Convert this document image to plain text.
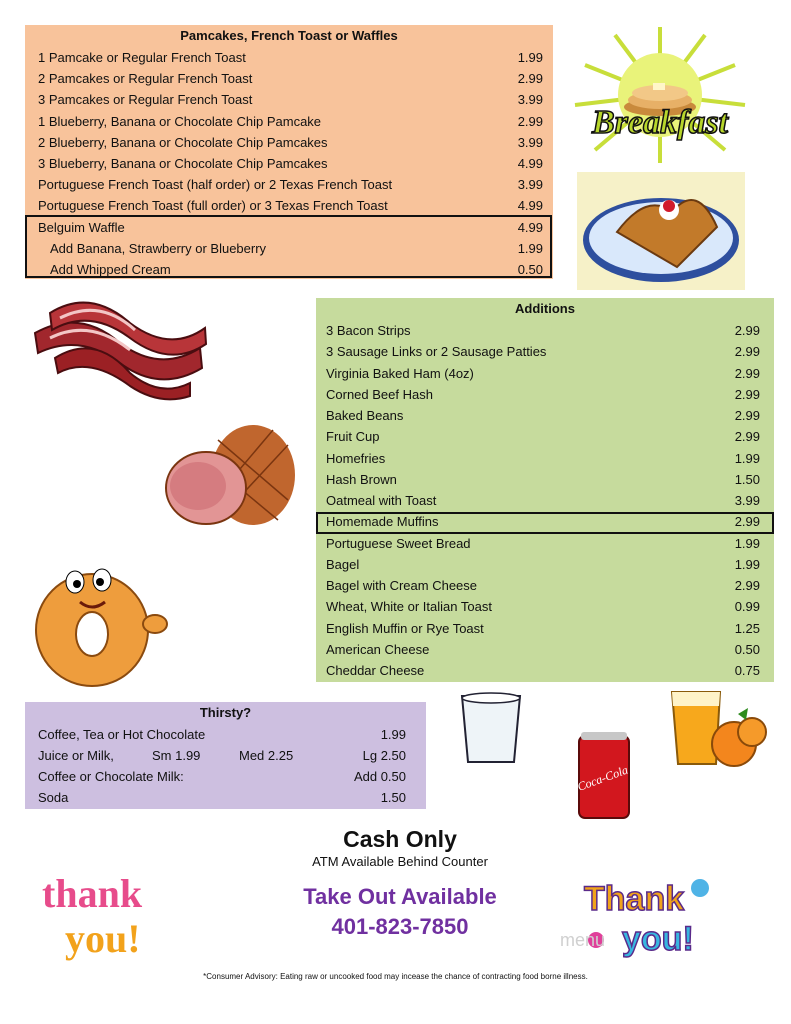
Pamcakes, French Toast or Waffles
1 Pamcake or Regular French Toast	1.99
2 Pamcakes or Regular French Toast	2.99
3 Pamcakes or Regular French Toast	3.99
1 Blueberry, Banana or Chocolate Chip Pamcake	2.99
2 Blueberry, Banana or Chocolate Chip Pamcakes	3.99
3 Blueberry, Banana or Chocolate Chip Pamcakes	4.99
Portuguese French Toast (half order) or 2 Texas French Toast	3.99
Portuguese French Toast (full order) or 3 Texas French Toast	4.99
Belguim Waffle	4.99
Add Banana, Strawberry or Blueberry	1.99
Add Whipped Cream	0.50
Additions
3 Bacon Strips	2.99
3 Sausage Links or 2 Sausage Patties	2.99
Virginia Baked Ham (4oz)	2.99
Corned Beef Hash	2.99
Baked Beans	2.99
Fruit Cup	2.99
Homefries	1.99
Hash Brown	1.50
Oatmeal with Toast	3.99
Homemade Muffins	2.99
Portuguese Sweet Bread	1.99
Bagel	1.99
Bagel with Cream Cheese	2.99
Wheat, White or Italian Toast	0.99
English Muffin or Rye Toast	1.25
American Cheese	0.50
Cheddar Cheese	0.75
Thirsty?
Coffee, Tea or Hot Chocolate	1.99
Juice or Milk,	Sm 1.99	Med 2.25	Lg 2.50
Coffee or Chocolate Milk:	Add 0.50
Soda	1.50
Breakfast
Coca-Cola
Cash Only
ATM Available Behind Counter
Take Out Available
401-823-7850
thank
you!
Thank
you!
menu
*Consumer Advisory: Eating raw or uncooked food may incease the chance of contracting food borne illness.
